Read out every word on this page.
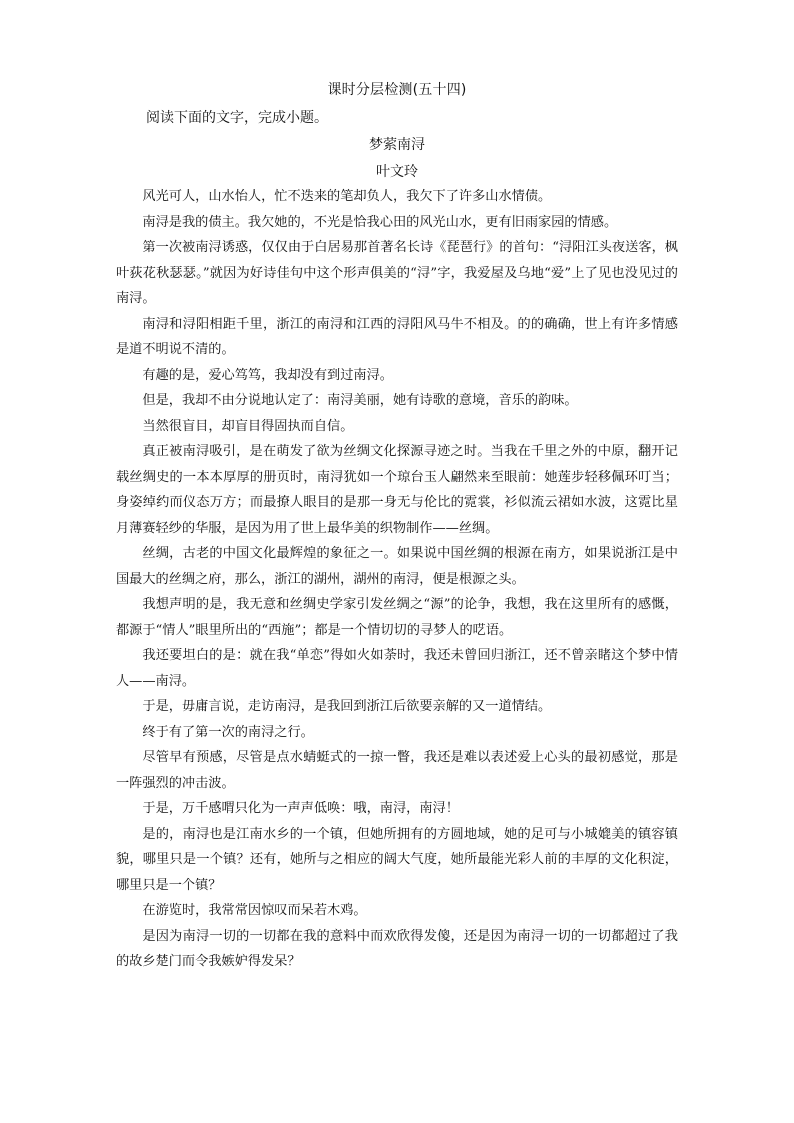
课时分层检测(五十四)
阅读下面的文字，完成小题。
梦萦南浔
叶文玲

风光可人，山水怡人，忙不迭来的笔却负人，我欠下了许多山水情债。

南浔是我的债主。我欠她的，不光是恰我心田的风光山水，更有旧雨家园的情感。

第一次被南浔诱惑，仅仅由于白居易那首著名长诗《琵琶行》的首句：“浔阳江头夜送客，枫叶荻花秋瑟瑟。”就因为好诗佳句中这个形声俱美的“浔”字，我爱屋及乌地“爱”上了见也没见过的南浔。

南浔和浔阳相距千里，浙江的南浔和江西的浔阳风马牛不相及。的的确确，世上有许多情感是道不明说不清的。

有趣的是，爱心笃笃，我却没有到过南浔。

但是，我却不由分说地认定了：南浔美丽，她有诗歌的意境，音乐的韵味。

当然很盲目，却盲目得固执而自信。

真正被南浔吸引，是在萌发了欲为丝绸文化探源寻迹之时。当我在千里之外的中原，翻开记载丝绸史的一本本厚厚的册页时，南浔犹如一个琼台玉人翩然来至眼前：她莲步轻移佩环叮当；身姿绰约而仪态万方；而最撩人眼目的是那一身无与伦比的霓裳，衫似流云裙如水波，这霓比星月薄赛轻纱的华服，是因为用了世上最华美的织物制作——丝绸。

丝绸，古老的中国文化最辉煌的象征之一。如果说中国丝绸的根源在南方，如果说浙江是中国最大的丝绸之府，那么，浙江的湖州，湖州的南浔，便是根源之头。

我想声明的是，我无意和丝绸史学家引发丝绸之“源”的论争，我想，我在这里所有的感慨，都源于“情人”眼里所出的“西施”；都是一个情切切的寻梦人的呓语。

我还要坦白的是：就在我“单恋”得如火如荼时，我还未曾回归浙江，还不曾亲睹这个梦中情人——南浔。

于是，毋庸言说，走访南浔，是我回到浙江后欲要亲解的又一道情结。

终于有了第一次的南浔之行。

尽管早有预感，尽管是点水蜻蜓式的一掠一瞥，我还是难以表述爱上心头的最初感觉，那是一阵强烈的冲击波。

于是，万千感喟只化为一声声低唤：哦，南浔，南浔！

是的，南浔也是江南水乡的一个镇，但她所拥有的方圆地域，她的足可与小城媲美的镇容镇貌，哪里只是一个镇？还有，她所与之相应的阔大气度，她所最能光彩人前的丰厚的文化积淀，哪里只是一个镇？

在游览时，我常常因惊叹而呆若木鸡。

是因为南浔一切的一切都在我的意料中而欢欣得发傻，还是因为南浔一切的一切都超过了我的故乡楚门而令我嫉妒得发呆？
